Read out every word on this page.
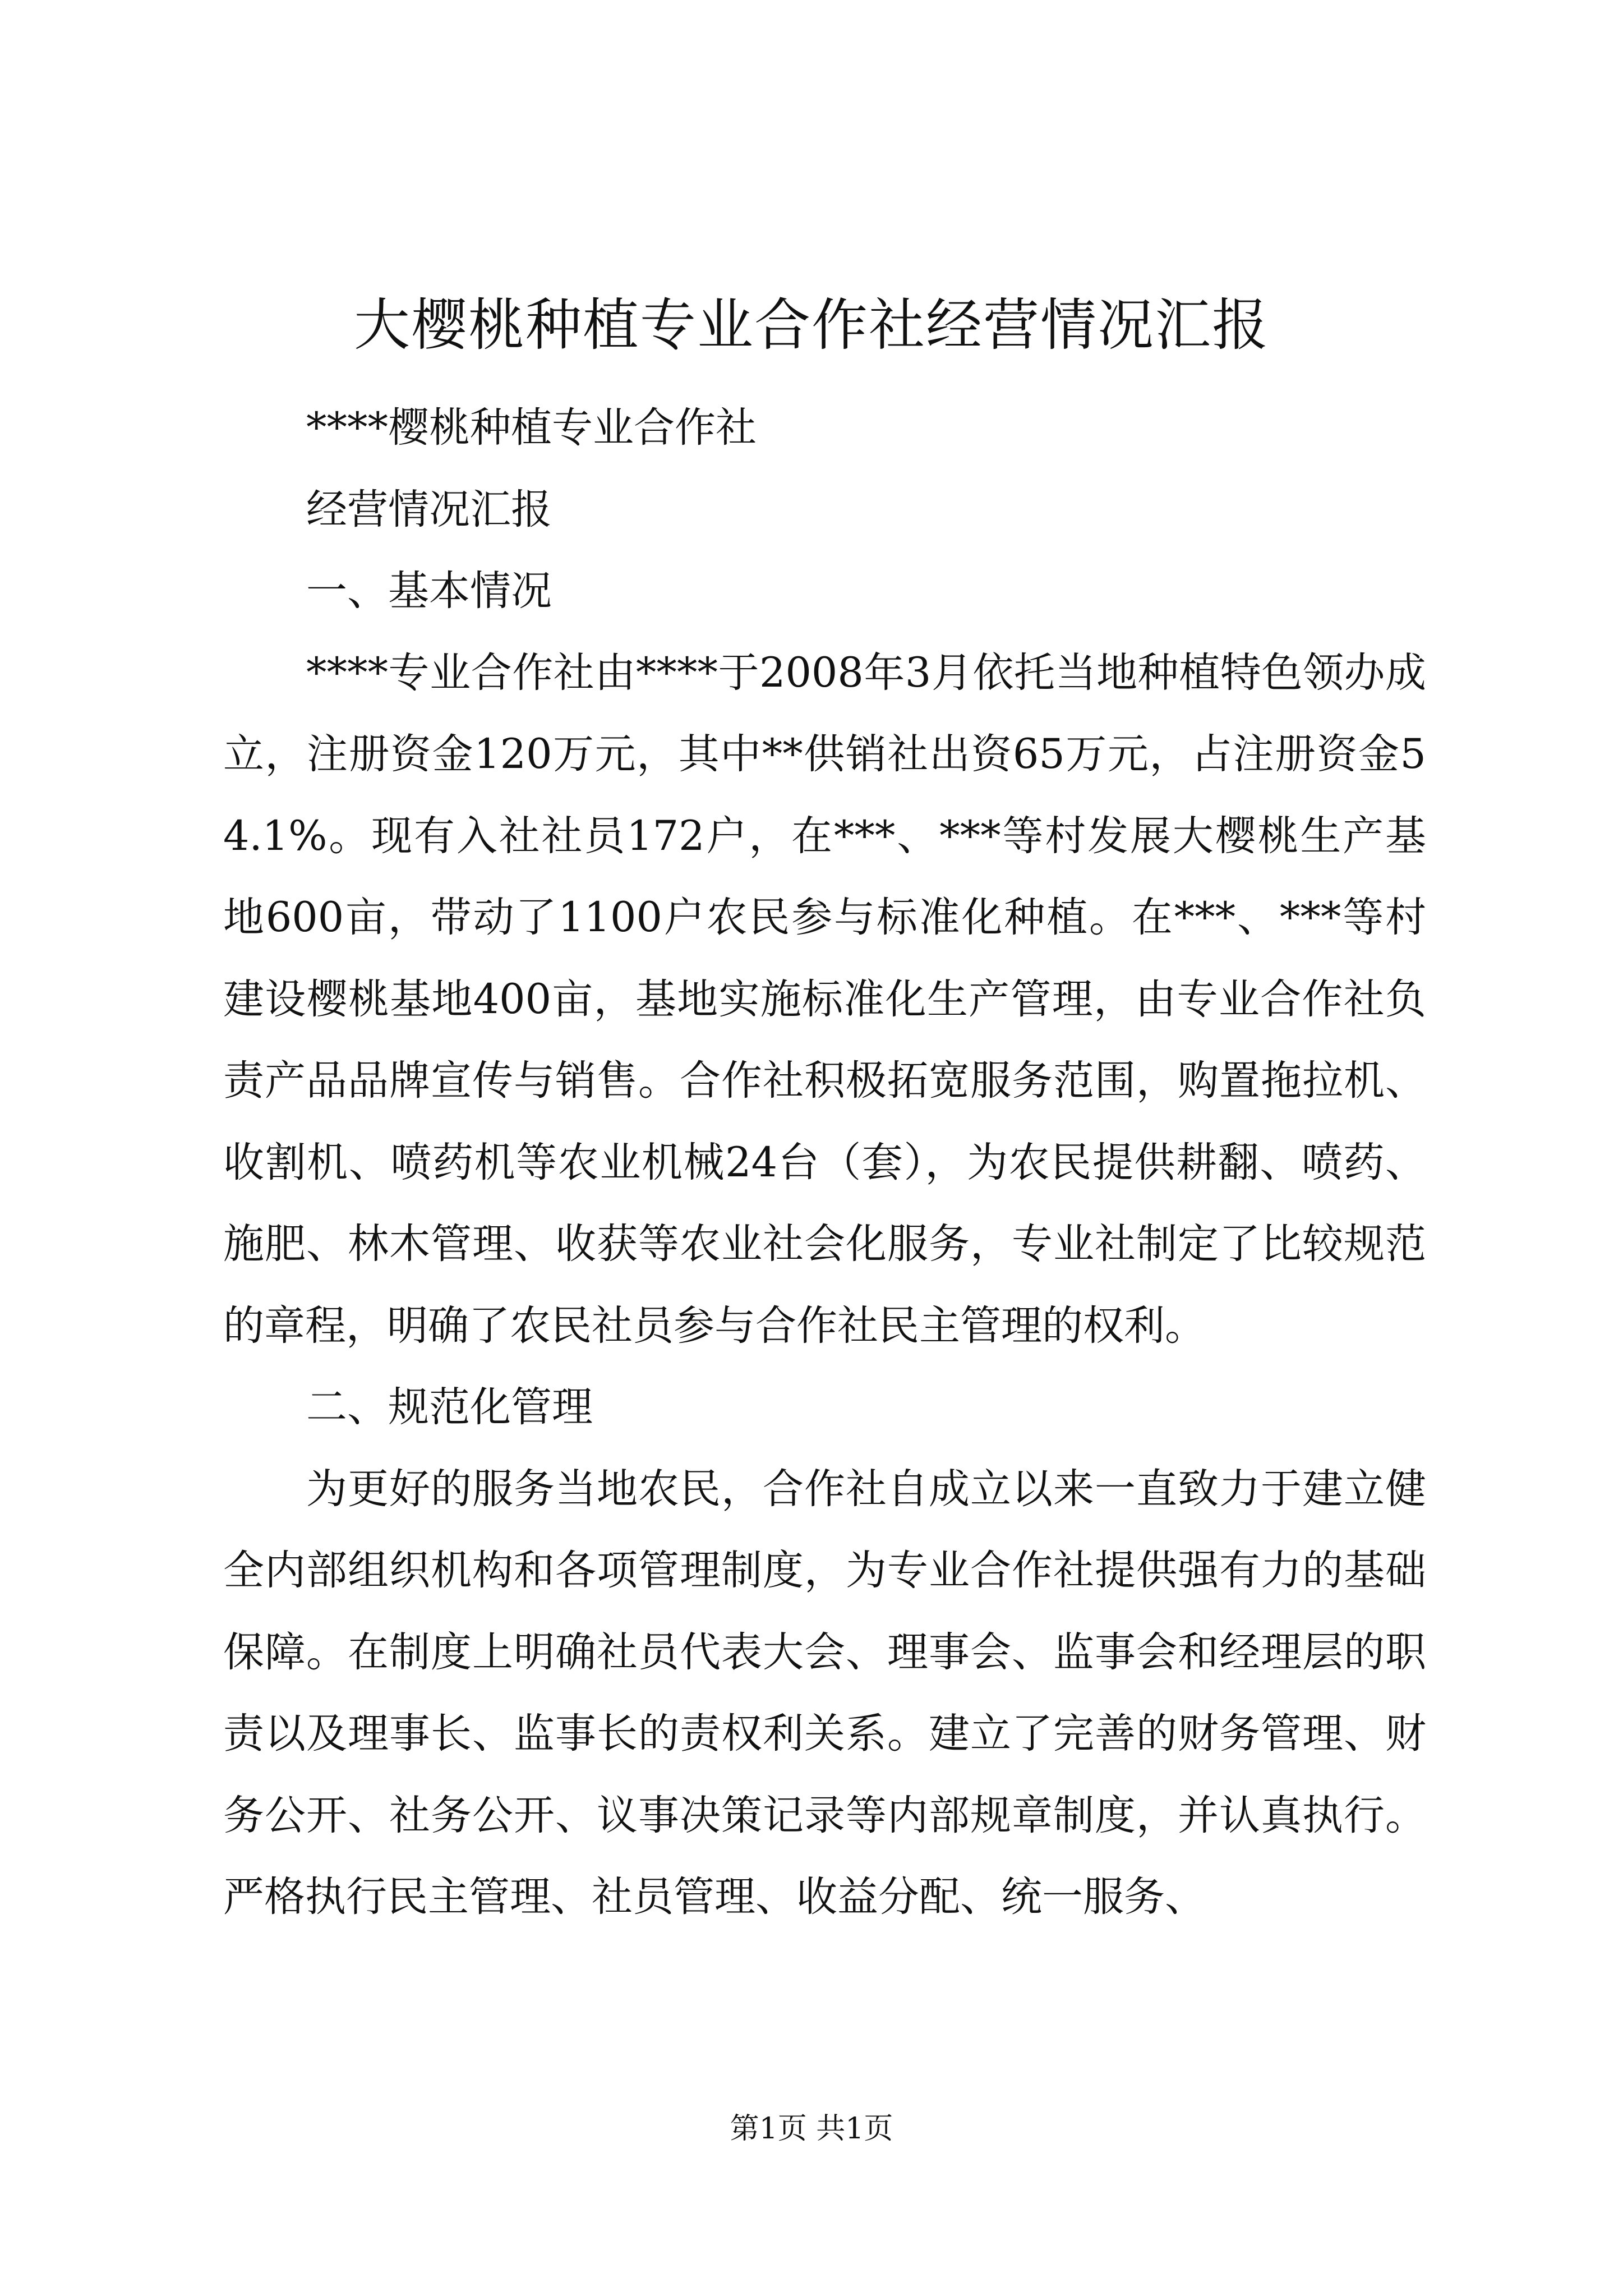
大樱桃种植专业合作社经营情况汇报

****樱桃种植专业合作社

经营情况汇报

一、基本情况

****专业合作社由****于2008年3月依托当地种植特色领办成立，注册资金120万元，其中**供销社出资65万元，占注册资金54.1%。现有入社社员172户，在***、***等村发展大樱桃生产基地600亩，带动了1100户农民参与标准化种植。在***、***等村建设樱桃基地400亩，基地实施标准化生产管理，由专业合作社负责产品品牌宣传与销售。合作社积极拓宽服务范围，购置拖拉机、收割机、喷药机等农业机械24台（套），为农民提供耕翻、喷药、施肥、林木管理、收获等农业社会化服务，专业社制定了比较规范的章程，明确了农民社员参与合作社民主管理的权利。

二、规范化管理

为更好的服务当地农民，合作社自成立以来一直致力于建立健全内部组织机构和各项管理制度，为专业合作社提供强有力的基础保障。在制度上明确社员代表大会、理事会、监事会和经理层的职责以及理事长、监事长的责权利关系。建立了完善的财务管理、财务公开、社务公开、议事决策记录等内部规章制度，并认真执行。严格执行民主管理、社员管理、收益分配、统一服务、

第1页 共1页
